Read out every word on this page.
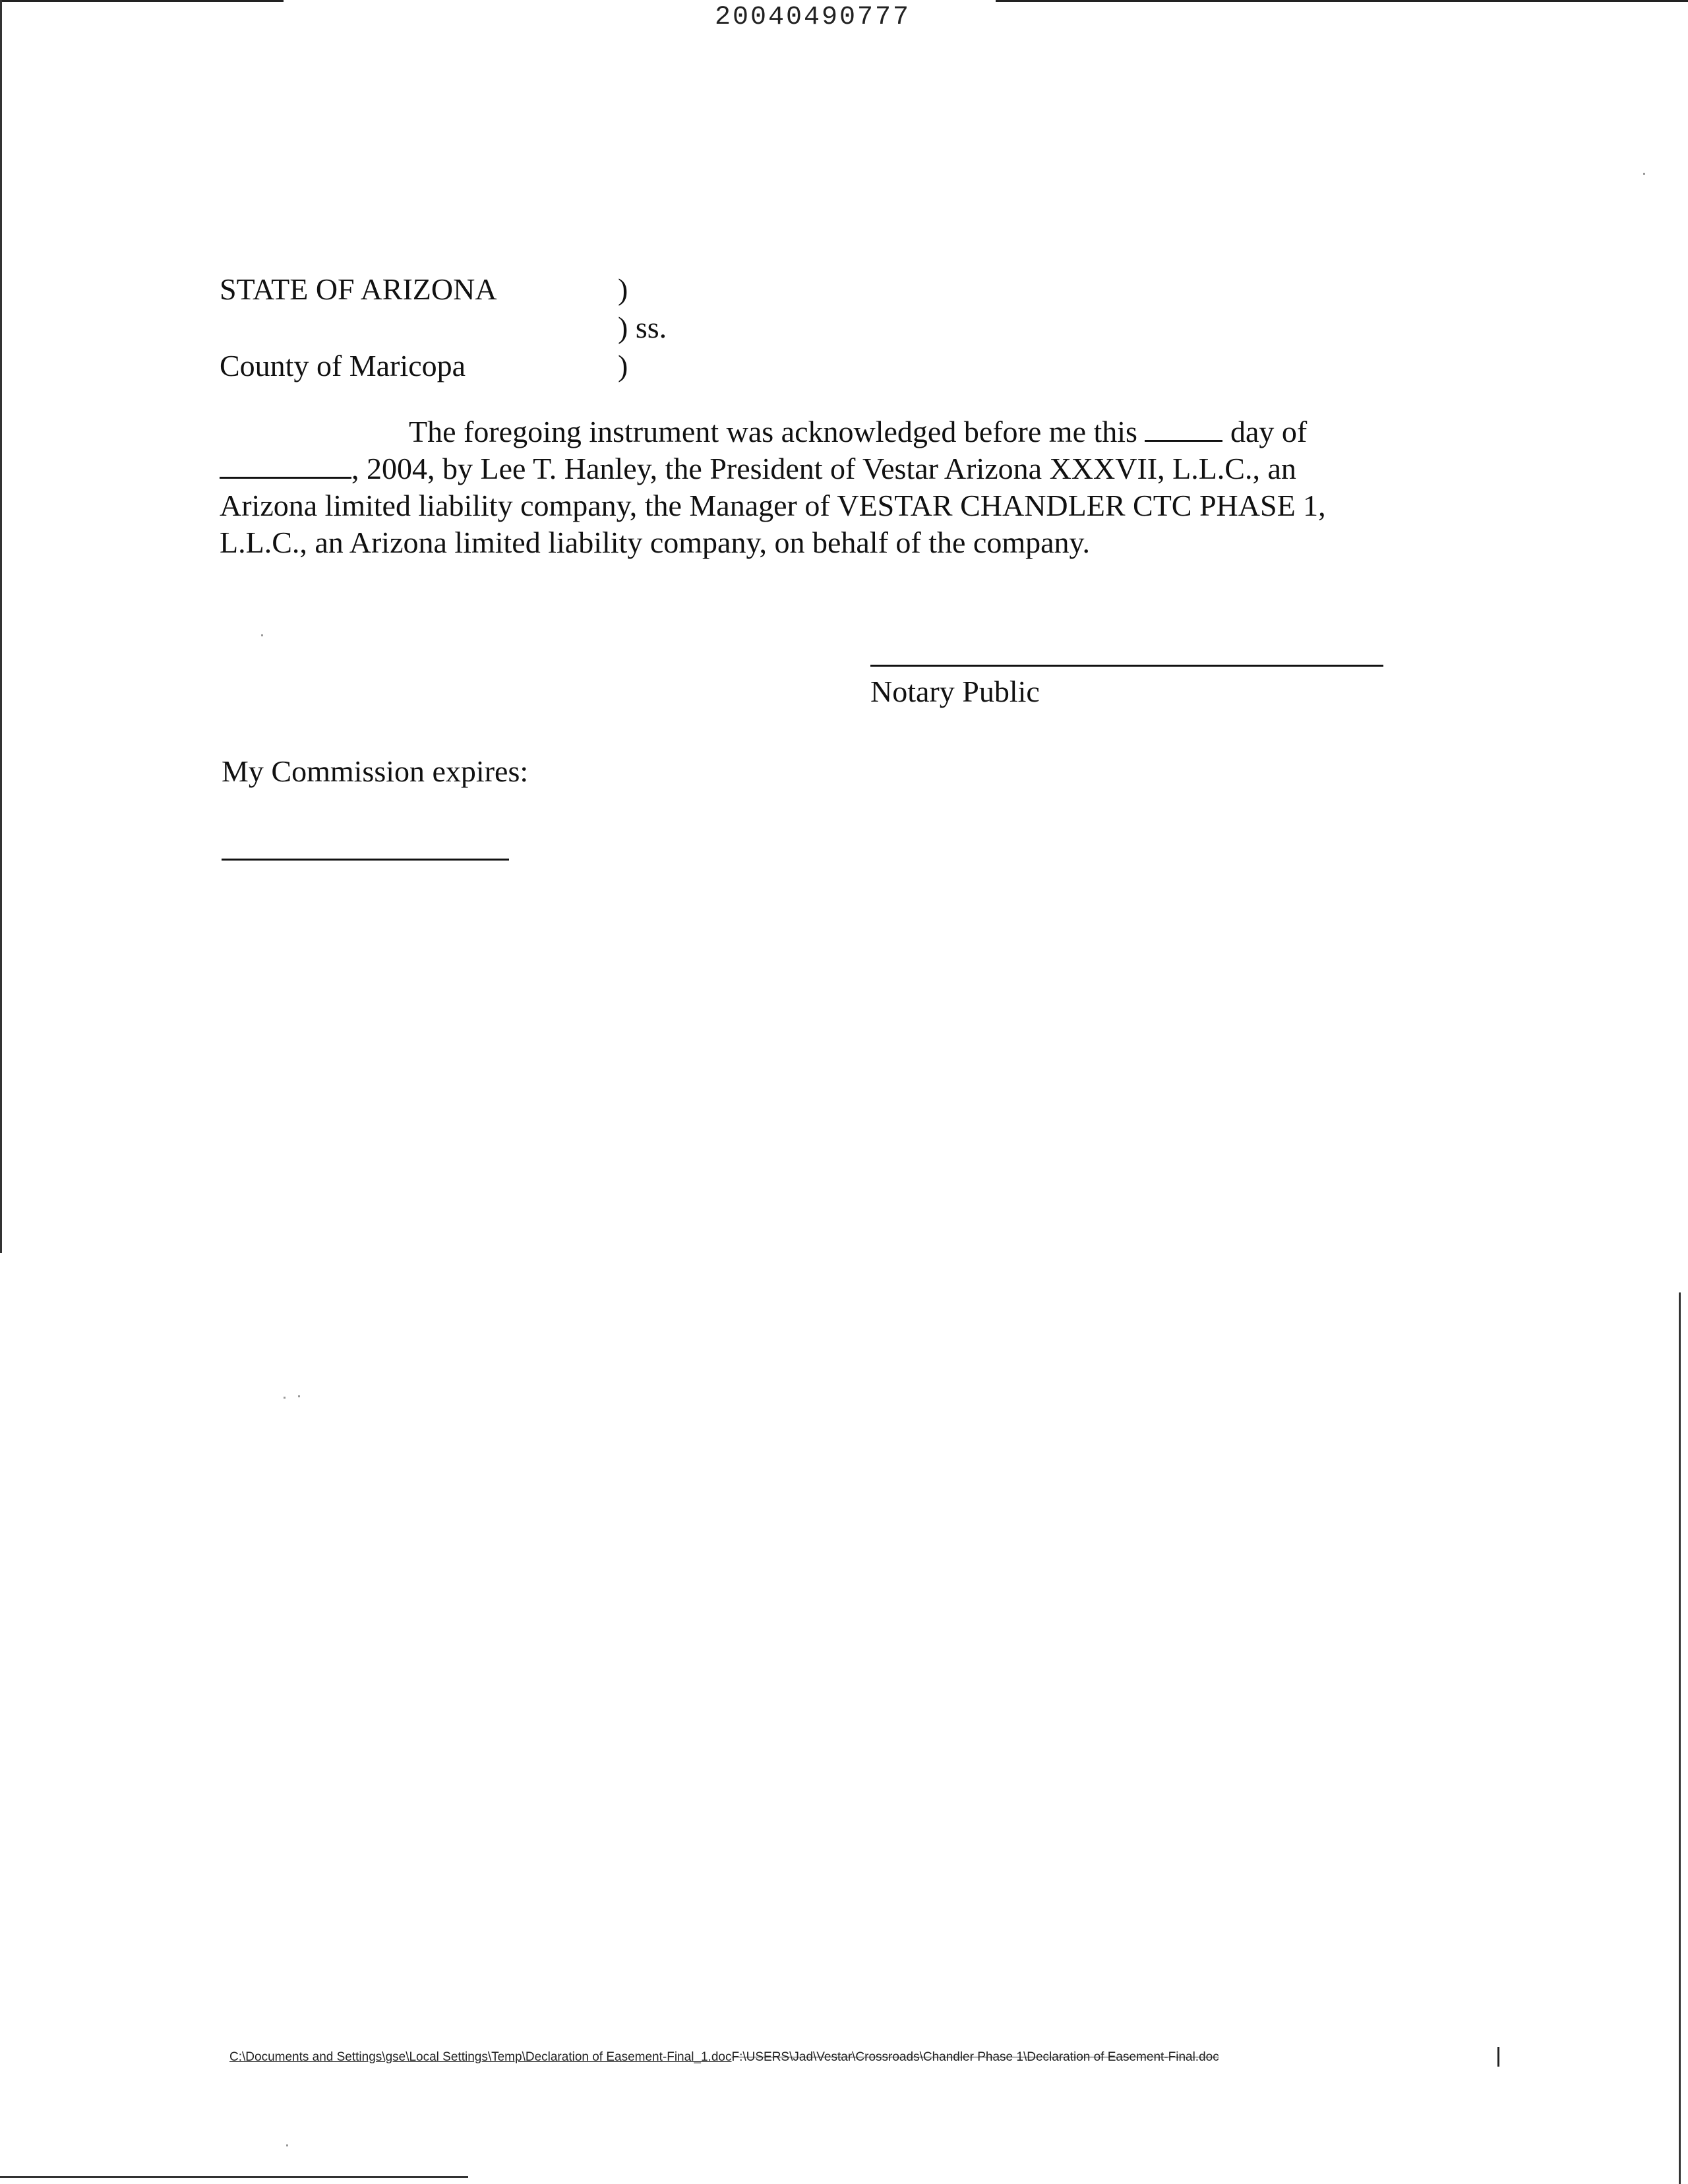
20040490777
STATE OF ARIZONA	)
) ss.
County of Maricopa	)
The foregoing instrument was acknowledged before me this	day of
, 2004, by Lee T. Hanley, the President of Vestar Arizona XXXVII, L.L.C., an
Arizona limited liability company, the Manager of VESTAR CHANDLER CTC PHASE 1,
L.L.C., an Arizona limited liability company, on behalf of the company.
Notary Public
My Commission expires:
C:\Documents and Settings\gse\Local Settings\Temp\Declaration of Easement-Final_1.docF:\USERS\Jad\Vestar\Crossroads\Chandler Phase 1\Declaration of Easement-Final.doc
